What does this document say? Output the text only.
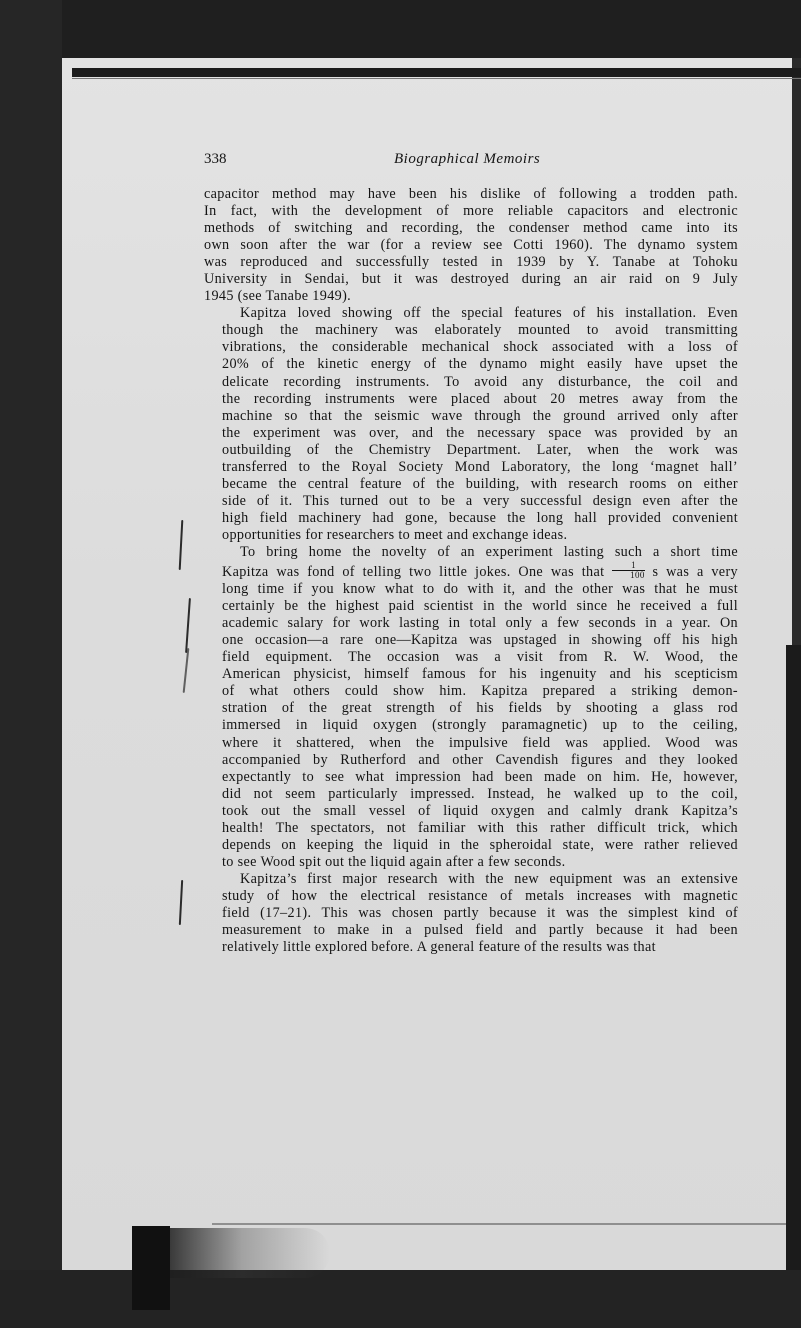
338	Biographical Memoirs
capacitor method may have been his dislike of following a trodden path.
In fact, with the development of more reliable capacitors and electronic
methods of switching and recording, the condenser method came into its
own soon after the war (for a review see Cotti 1960). The dynamo system
was reproduced and successfully tested in 1939 by Y. Tanabe at Tohoku
University in Sendai, but it was destroyed during an air raid on 9 July
1945 (see Tanabe 1949).
Kapitza loved showing off the special features of his installation. Even
though the machinery was elaborately mounted to avoid transmitting
vibrations, the considerable mechanical shock associated with a loss of
20% of the kinetic energy of the dynamo might easily have upset the
delicate recording instruments. To avoid any disturbance, the coil and
the recording instruments were placed about 20 metres away from the
machine so that the seismic wave through the ground arrived only after
the experiment was over, and the necessary space was provided by an
outbuilding of the Chemistry Department. Later, when the work was
transferred to the Royal Society Mond Laboratory, the long ‘magnet hall’
became the central feature of the building, with research rooms on either
side of it. This turned out to be a very successful design even after the
high field machinery had gone, because the long hall provided convenient
opportunities for researchers to meet and exchange ideas.
To bring home the novelty of an experiment lasting such a short time
Kapitza was fond of telling two little jokes. One was that $\frac{1}{100}$ s was a very
long time if you know what to do with it, and the other was that he must
certainly be the highest paid scientist in the world since he received a full
academic salary for work lasting in total only a few seconds in a year. On
one occasion—a rare one—Kapitza was upstaged in showing off his high
field equipment. The occasion was a visit from R. W. Wood, the
American physicist, himself famous for his ingenuity and his scepticism
of what others could show him. Kapitza prepared a striking demon-
stration of the great strength of his fields by shooting a glass rod
immersed in liquid oxygen (strongly paramagnetic) up to the ceiling,
where it shattered, when the impulsive field was applied. Wood was
accompanied by Rutherford and other Cavendish figures and they looked
expectantly to see what impression had been made on him. He, however,
did not seem particularly impressed. Instead, he walked up to the coil,
took out the small vessel of liquid oxygen and calmly drank Kapitza’s
health! The spectators, not familiar with this rather difficult trick, which
depends on keeping the liquid in the spheroidal state, were rather relieved
to see Wood spit out the liquid again after a few seconds.
Kapitza’s first major research with the new equipment was an extensive
study of how the electrical resistance of metals increases with magnetic
field (17–21). This was chosen partly because it was the simplest kind of
measurement to make in a pulsed field and partly because it had been
relatively little explored before. A general feature of the results was that
